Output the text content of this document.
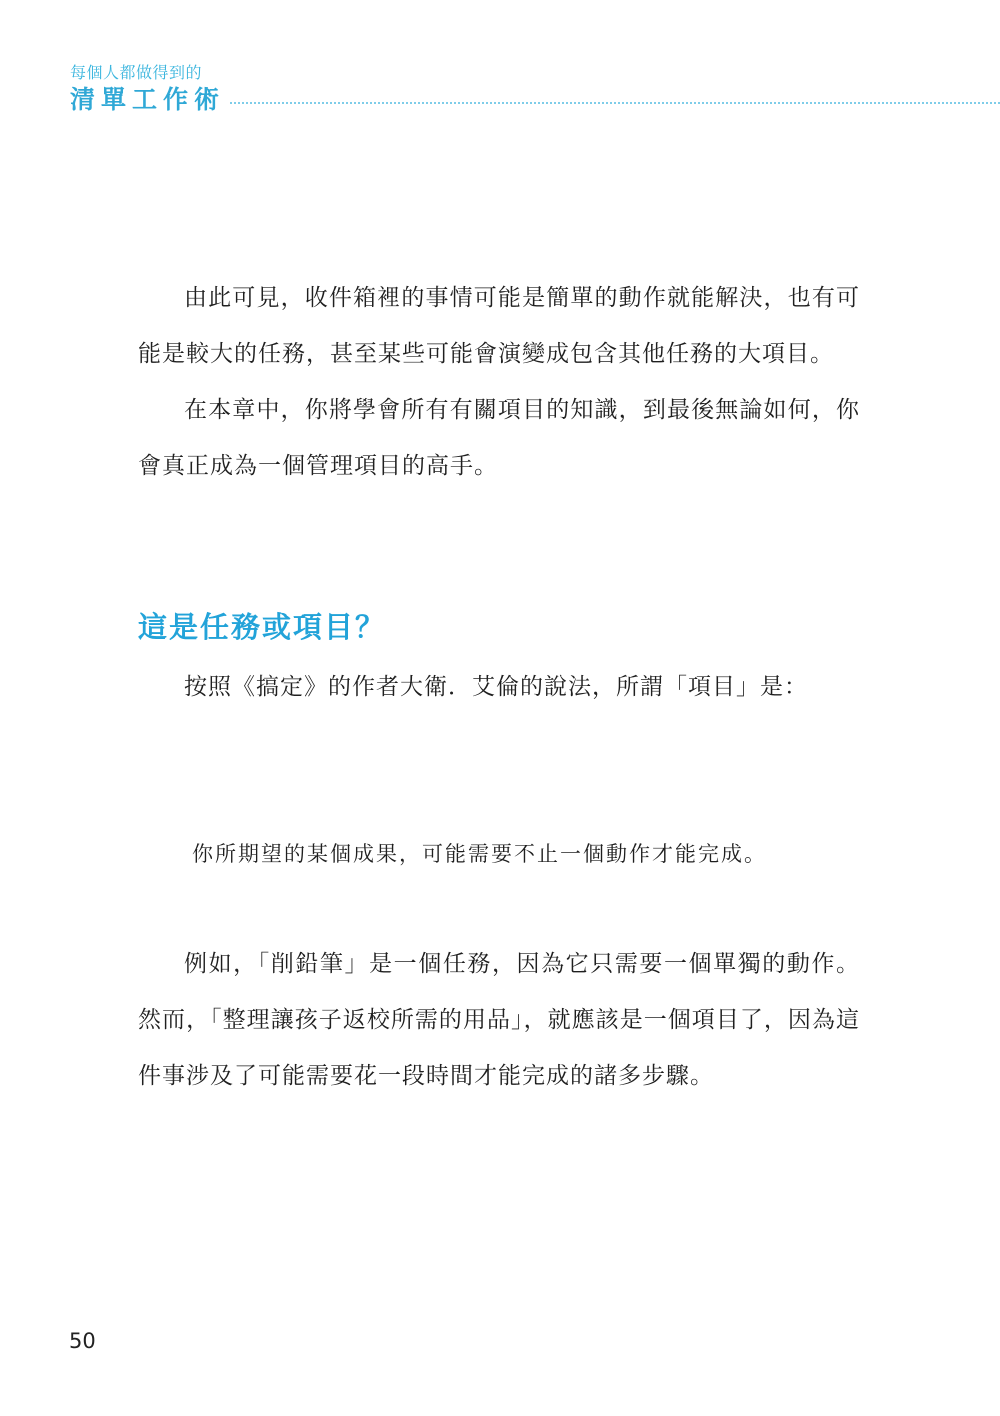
每個人都做得到的
清單工作術

由此可見，收件箱裡的事情可能是簡單的動作就能解決，也有可能是較大的任務，甚至某些可能會演變成包含其他任務的大項目。

在本章中，你將學會所有有關項目的知識，到最後無論如何，你會真正成為一個管理項目的高手。

這是任務或項目？

按照《搞定》的作者大衛．艾倫的說法，所謂「項目」是：

你所期望的某個成果，可能需要不止一個動作才能完成。

例如，「削鉛筆」是一個任務，因為它只需要一個單獨的動作。然而，「整理讓孩子返校所需的用品」，就應該是一個項目了，因為這件事涉及了可能需要花一段時間才能完成的諸多步驟。

50
